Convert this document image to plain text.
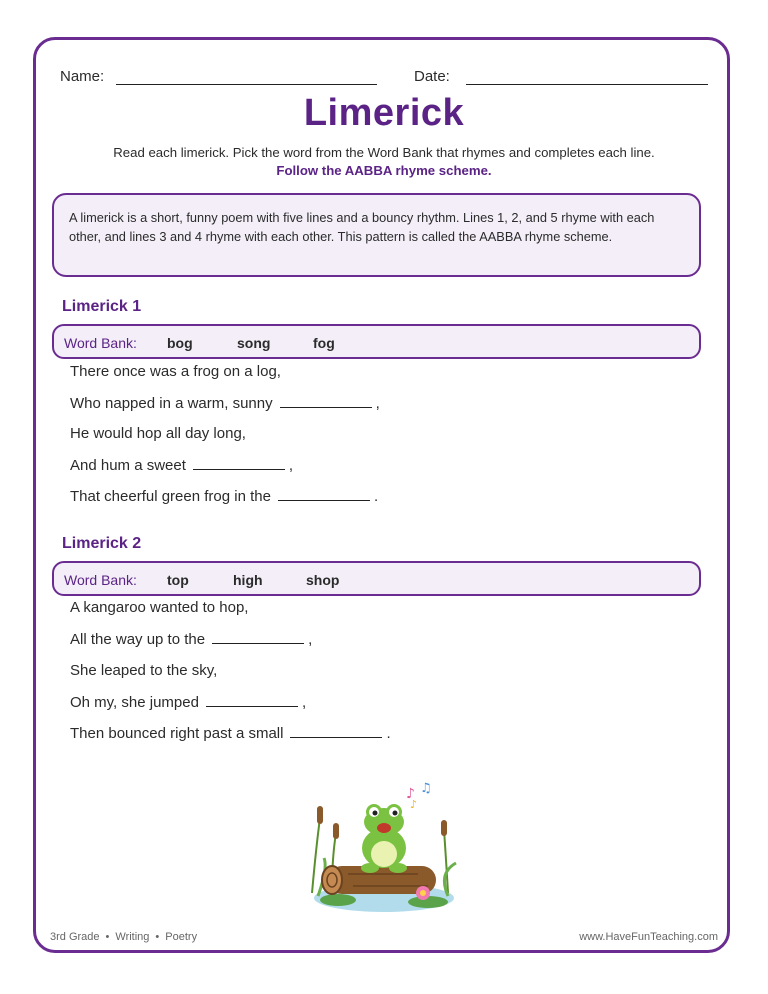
Name:	Date:
Limerick
Read each limerick. Pick the word from the Word Bank that rhymes and completes each line.
Follow the AABBA rhyme scheme.
A limerick is a short, funny poem with five lines and a bouncy rhythm. Lines 1, 2, and 5 rhyme with each other, and lines 3 and 4 rhyme with each other. This pattern is called the AABBA rhyme scheme.
Limerick 1
Word Bank: bog	song	fog
There once was a frog on a log,
Who napped in a warm, sunny	,
He would hop all day long,
And hum a sweet	,
That cheerful green frog in the	.
Limerick 2
Word Bank: top	high	shop
A kangaroo wanted to hop,
All the way up to the	,
She leaped to the sky,
Oh my, she jumped	,
Then bounced right past a small	.
♪ ♫
♪
3rd Grade • Writing • Poetry	www.HaveFunTeaching.com
